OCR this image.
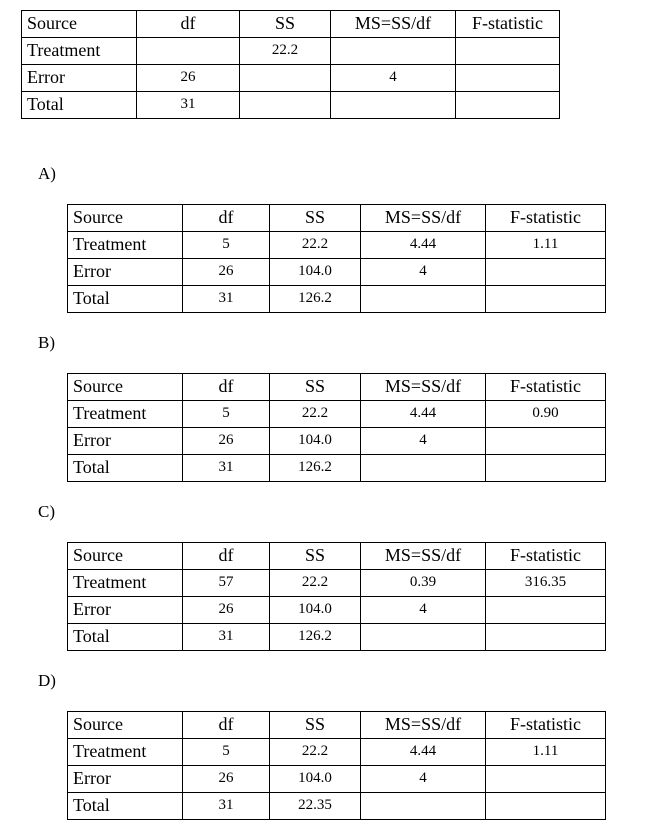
Source	df	SS	MS=SS/df	F-statistic
Treatment		22.2		
Error	26		4	
Total	31			
A)
Source	df	SS	MS=SS/df	F-statistic
Treatment	5	22.2	4.44	1.11
Error	26	104.0	4	
Total	31	126.2		
B)
Source	df	SS	MS=SS/df	F-statistic
Treatment	5	22.2	4.44	0.90
Error	26	104.0	4	
Total	31	126.2		
C)
Source	df	SS	MS=SS/df	F-statistic
Treatment	57	22.2	0.39	316.35
Error	26	104.0	4	
Total	31	126.2		
D)
Source	df	SS	MS=SS/df	F-statistic
Treatment	5	22.2	4.44	1.11
Error	26	104.0	4	
Total	31	22.35		
